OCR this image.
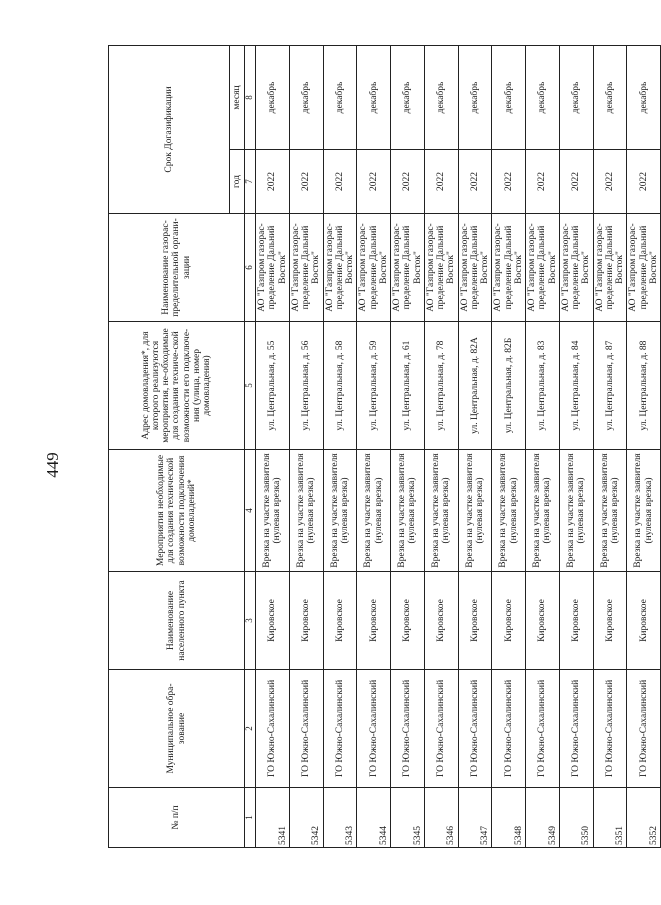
449
№ п/п	Муниципальное обра-зование	Наименование населенного пункта	Мероприятия необходимые для создания технической возможности подключения домовладений*	Адрес домовладения*, для которого реализуются мероприятия, не-обходимые для создания техниче-ской возможности его подключе-ния (улица, номер домовладения)	Наименование газорас-пределительной органи-зации	Срок Догазификации	
						год	месяц
1	2	3	4	5	6	7	8
5341	ГО Южно-Сахалинский	Кировское	Врезка на участке заявителя (нулевая врезка)	ул. Центральная, д. 55	АО "Газпром газорас-пределение Дальний Восток"	2022	декабрь
5342	ГО Южно-Сахалинский	Кировское	Врезка на участке заявителя (нулевая врезка)	ул. Центральная, д. 56	АО "Газпром газорас-пределение Дальний Восток"	2022	декабрь
5343	ГО Южно-Сахалинский	Кировское	Врезка на участке заявителя (нулевая врезка)	ул. Центральная, д. 58	АО "Газпром газорас-пределение Дальний Восток"	2022	декабрь
5344	ГО Южно-Сахалинский	Кировское	Врезка на участке заявителя (нулевая врезка)	ул. Центральная, д. 59	АО "Газпром газорас-пределение Дальний Восток"	2022	декабрь
5345	ГО Южно-Сахалинский	Кировское	Врезка на участке заявителя (нулевая врезка)	ул. Центральная, д. 61	АО "Газпром газорас-пределение Дальний Восток"	2022	декабрь
5346	ГО Южно-Сахалинский	Кировское	Врезка на участке заявителя (нулевая врезка)	ул. Центральная, д. 78	АО "Газпром газорас-пределение Дальний Восток"	2022	декабрь
5347	ГО Южно-Сахалинский	Кировское	Врезка на участке заявителя (нулевая врезка)	ул. Центральная, д. 82А	АО "Газпром газорас-пределение Дальний Восток"	2022	декабрь
5348	ГО Южно-Сахалинский	Кировское	Врезка на участке заявителя (нулевая врезка)	ул. Центральная, д. 82Б	АО "Газпром газорас-пределение Дальний Восток"	2022	декабрь
5349	ГО Южно-Сахалинский	Кировское	Врезка на участке заявителя (нулевая врезка)	ул. Центральная, д. 83	АО "Газпром газорас-пределение Дальний Восток"	2022	декабрь
5350	ГО Южно-Сахалинский	Кировское	Врезка на участке заявителя (нулевая врезка)	ул. Центральная, д. 84	АО "Газпром газорас-пределение Дальний Восток"	2022	декабрь
5351	ГО Южно-Сахалинский	Кировское	Врезка на участке заявителя (нулевая врезка)	ул. Центральная, д. 87	АО "Газпром газорас-пределение Дальний Восток"	2022	декабрь
5352	ГО Южно-Сахалинский	Кировское	Врезка на участке заявителя (нулевая врезка)	ул. Центральная, д. 88	АО "Газпром газорас-пределение Дальний Восток"	2022	декабрь
